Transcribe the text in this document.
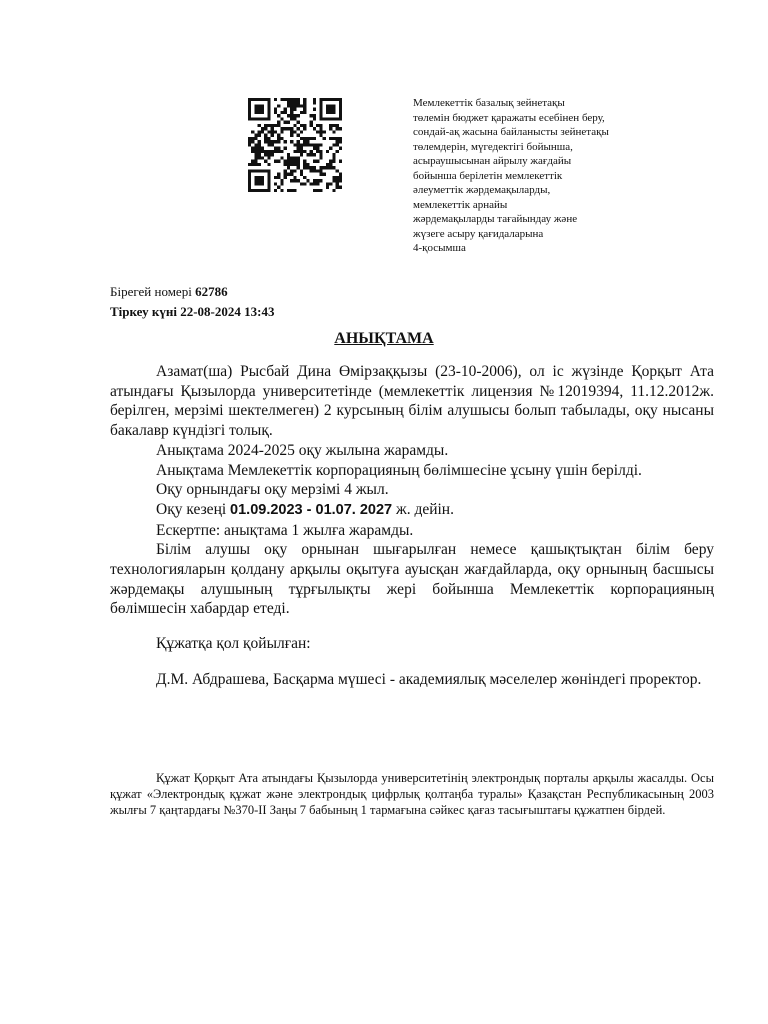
Мемлекеттік базалық зейнетақы
төлемін бюджет қаражаты есебінен беру,
сондай-ақ жасына байланысты зейнетақы
төлемдерін, мүгедектігі бойынша,
асыраушысынан айрылу жағдайы
бойынша берілетін мемлекеттік
әлеуметтік жәрдемақыларды,
мемлекеттік арнайы
жәрдемақыларды тағайындау және
жүзеге асыру қағидаларына
4-қосымша
Бірегей номері 62786
Тіркеу күні 22-08-2024 13:43
АНЫҚТАМА

Азамат(ша) Рысбай Дина Өмірзаққызы (23-10-2006), ол іс жүзінде Қорқыт Ата атындағы Қызылорда университетінде (мемлекеттік лицензия №12019394, 11.12.2012ж. берілген, мерзімі шектелмеген) 2 курсының білім алушысы болып табылады, оқу нысаны бакалавр күндізгі толық.

Анықтама 2024-2025 оқу жылына жарамды.

Анықтама Мемлекеттік корпорацияның бөлімшесіне ұсыну үшін берілді.

Оқу орнындағы оқу мерзімі 4 жыл.

Оқу кезеңі 01.09.2023 - 01.07. 2027 ж. дейін.

Ескертпе: анықтама 1 жылға жарамды.

Білім алушы оқу орнынан шығарылған немесе қашықтықтан білім беру технологияларын қолдану арқылы оқытуға ауысқан жағдайларда, оқу орнының басшысы жәрдемақы алушының тұрғылықты жері бойынша Мемлекеттік корпорацияның бөлімшесін хабардар етеді.

Құжатқа қол қойылған:

Д.М. Абдрашева, Басқарма мүшесі - академиялық мәселелер жөніндегі проректор.

Құжат Қорқыт Ата атындағы Қызылорда университетінің электрондық порталы арқылы жасалды. Осы құжат «Электрондық құжат және электрондық цифрлық қолтаңба туралы» Қазақстан Республикасының 2003 жылғы 7 қаңтардағы №370-II Заңы 7 бабының 1 тармағына сәйкес қағаз тасығыштағы құжатпен бірдей.
